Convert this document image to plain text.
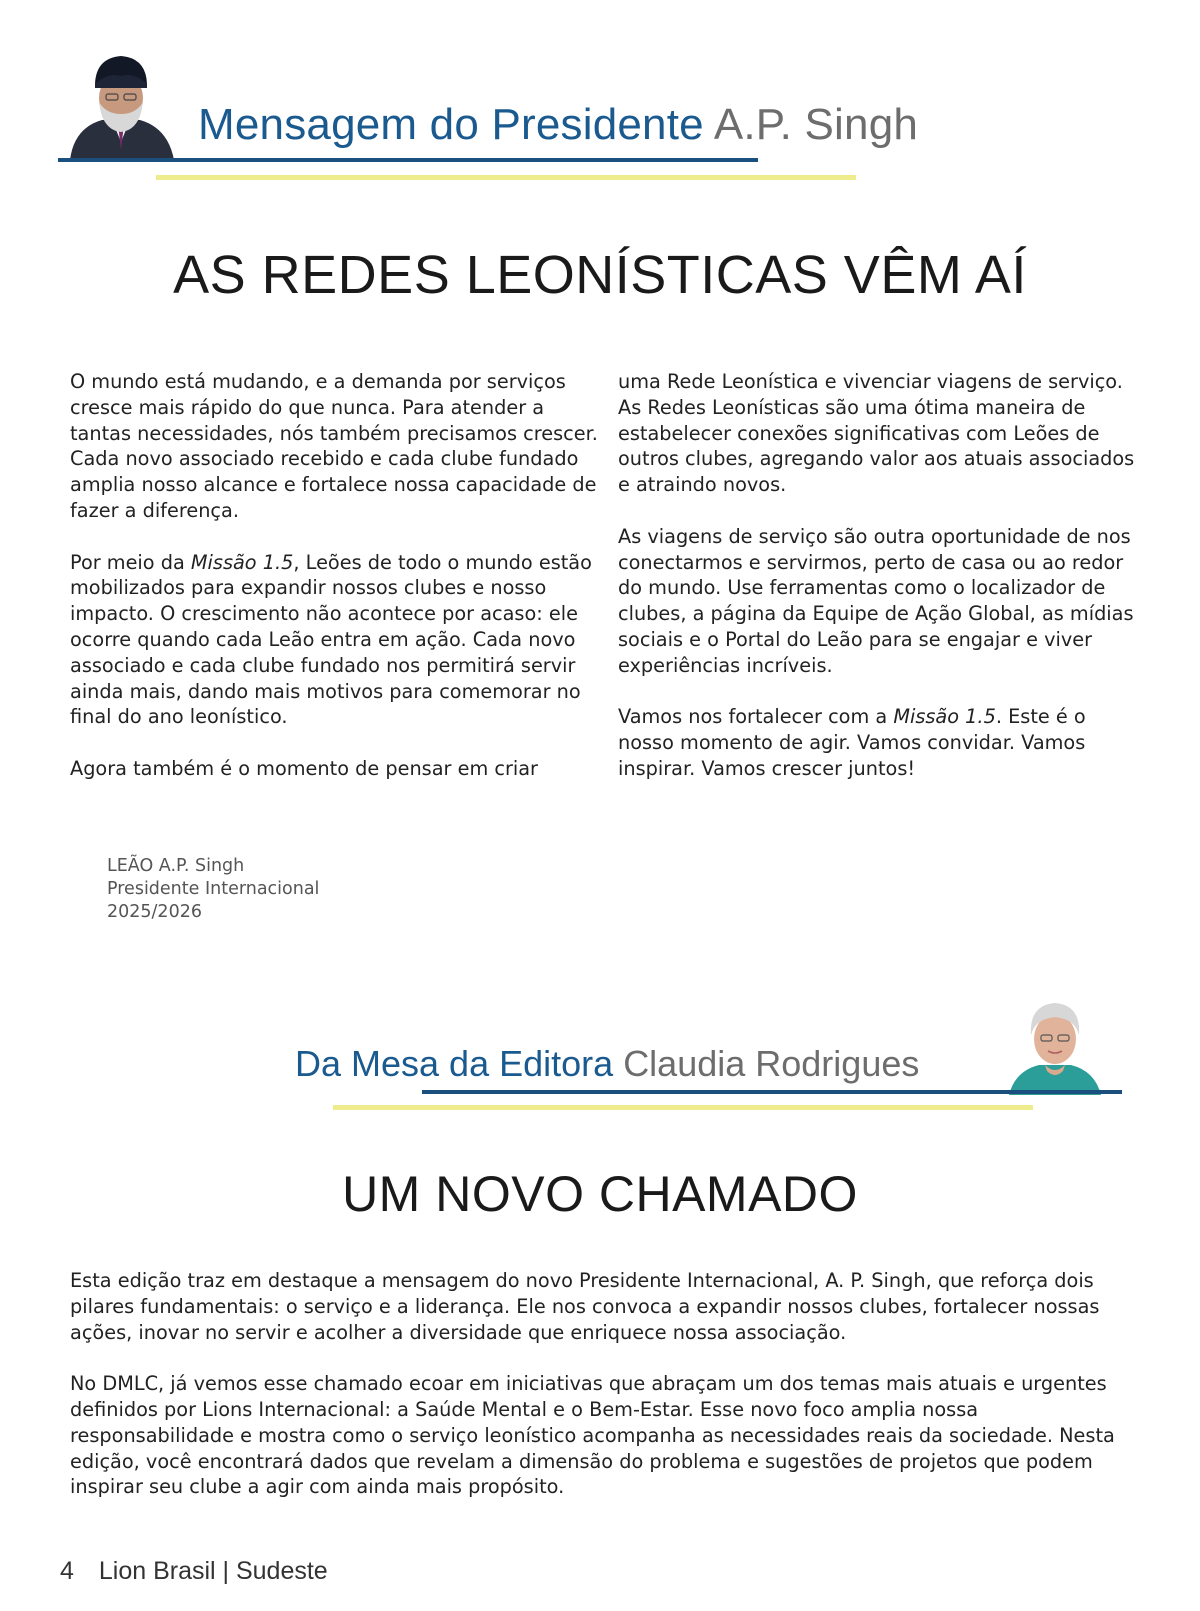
Mensagem do Presidente A.P. Singh
AS REDES LEONÍSTICAS VÊM AÍ

O mundo está mudando, e a demanda por serviços cresce mais rápido do que nunca. Para atender a tantas necessidades, nós também precisamos crescer. Cada novo associado recebido e cada clube fundado amplia nosso alcance e fortalece nossa capacidade de fazer a diferença.

Por meio da Missão 1.5, Leões de todo o mundo estão mobilizados para expandir nossos clubes e nosso impacto. O crescimento não acontece por acaso: ele ocorre quando cada Leão entra em ação. Cada novo associado e cada clube fundado nos permitirá servir ainda mais, dando mais motivos para comemorar no final do ano leonístico.

Agora também é o momento de pensar em criar

uma Rede Leonística e vivenciar viagens de serviço. As Redes Leonísticas são uma ótima maneira de estabelecer conexões significativas com Leões de outros clubes, agregando valor aos atuais associados e atraindo novos.

As viagens de serviço são outra oportunidade de nos conectarmos e servirmos, perto de casa ou ao redor do mundo. Use ferramentas como o localizador de clubes, a página da Equipe de Ação Global, as mídias sociais e o Portal do Leão para se engajar e viver experiências incríveis.

Vamos nos fortalecer com a Missão 1.5. Este é o nosso momento de agir. Vamos convidar. Vamos inspirar. Vamos crescer juntos!

LEÃO A.P. Singh
Presidente Internacional
2025/2026
Da Mesa da Editora Claudia Rodrigues
UM NOVO CHAMADO

Esta edição traz em destaque a mensagem do novo Presidente Internacional, A. P. Singh, que reforça dois pilares fundamentais: o serviço e a liderança. Ele nos convoca a expandir nossos clubes, fortalecer nossas ações, inovar no servir e acolher a diversidade que enriquece nossa associação.

No DMLC, já vemos esse chamado ecoar em iniciativas que abraçam um dos temas mais atuais e urgentes definidos por Lions Internacional: a Saúde Mental e o Bem-Estar. Esse novo foco amplia nossa responsabilidade e mostra como o serviço leonístico acompanha as necessidades reais da sociedade. Nesta edição, você encontrará dados que revelam a dimensão do problema e sugestões de projetos que podem inspirar seu clube a agir com ainda mais propósito.

4 Lion Brasil | Sudeste
